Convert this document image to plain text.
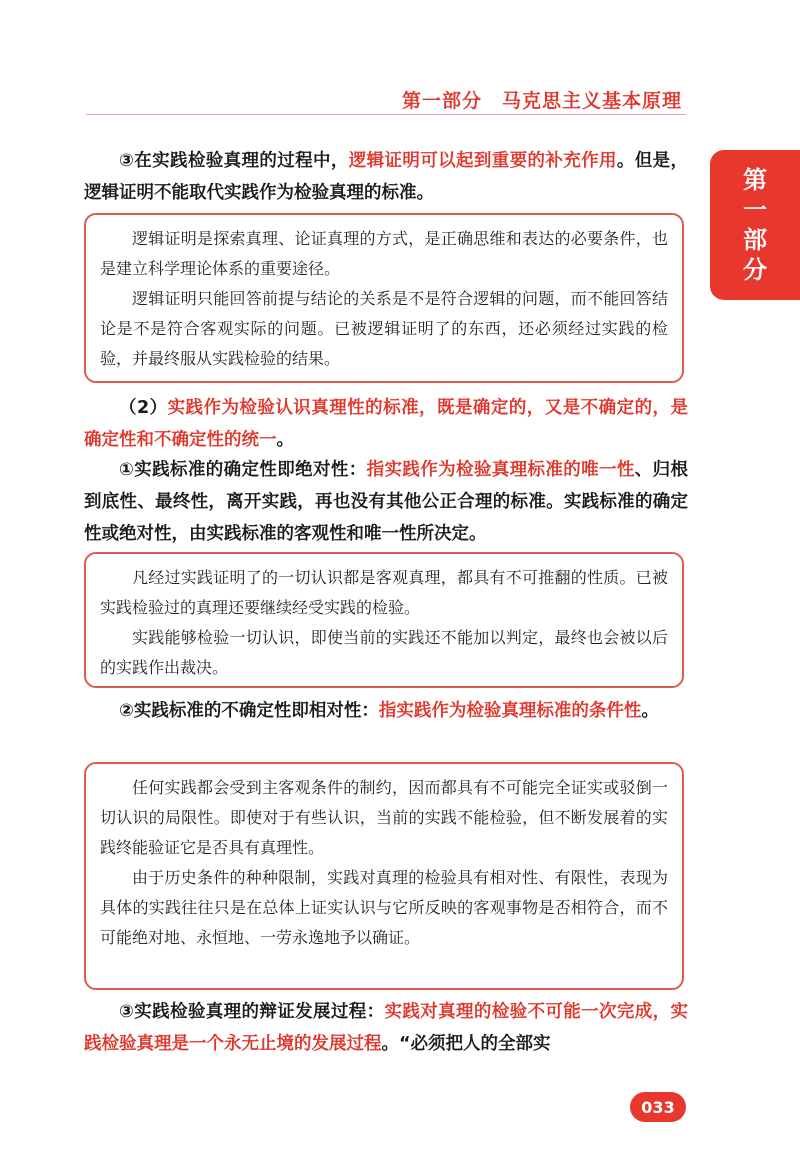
第一部分　马克思主义基本原理
第
一
部
分

③在实践检验真理的过程中，逻辑证明可以起到重要的补充作用。但是，逻辑证明不能取代实践作为检验真理的标准。

逻辑证明是探索真理、论证真理的方式，是正确思维和表达的必要条件，也是建立科学理论体系的重要途径。

逻辑证明只能回答前提与结论的关系是不是符合逻辑的问题，而不能回答结论是不是符合客观实际的问题。已被逻辑证明了的东西，还必须经过实践的检验，并最终服从实践检验的结果。

（2）实践作为检验认识真理性的标准，既是确定的，又是不确定的，是确定性和不确定性的统一。

①实践标准的确定性即绝对性：指实践作为检验真理标准的唯一性、归根到底性、最终性，离开实践，再也没有其他公正合理的标准。实践标准的确定性或绝对性，由实践标准的客观性和唯一性所决定。

凡经过实践证明了的一切认识都是客观真理，都具有不可推翻的性质。已被实践检验过的真理还要继续经受实践的检验。

实践能够检验一切认识，即使当前的实践还不能加以判定，最终也会被以后的实践作出裁决。

②实践标准的不确定性即相对性：指实践作为检验真理标准的条件性。

任何实践都会受到主客观条件的制约，因而都具有不可能完全证实或驳倒一切认识的局限性。即使对于有些认识，当前的实践不能检验，但不断发展着的实践终能验证它是否具有真理性。

由于历史条件的种种限制，实践对真理的检验具有相对性、有限性，表现为具体的实践往往只是在总体上证实认识与它所反映的客观事物是否相符合，而不可能绝对地、永恒地、一劳永逸地予以确证。

③实践检验真理的辩证发展过程：实践对真理的检验不可能一次完成，实践检验真理是一个永无止境的发展过程。“必须把人的全部实

033
